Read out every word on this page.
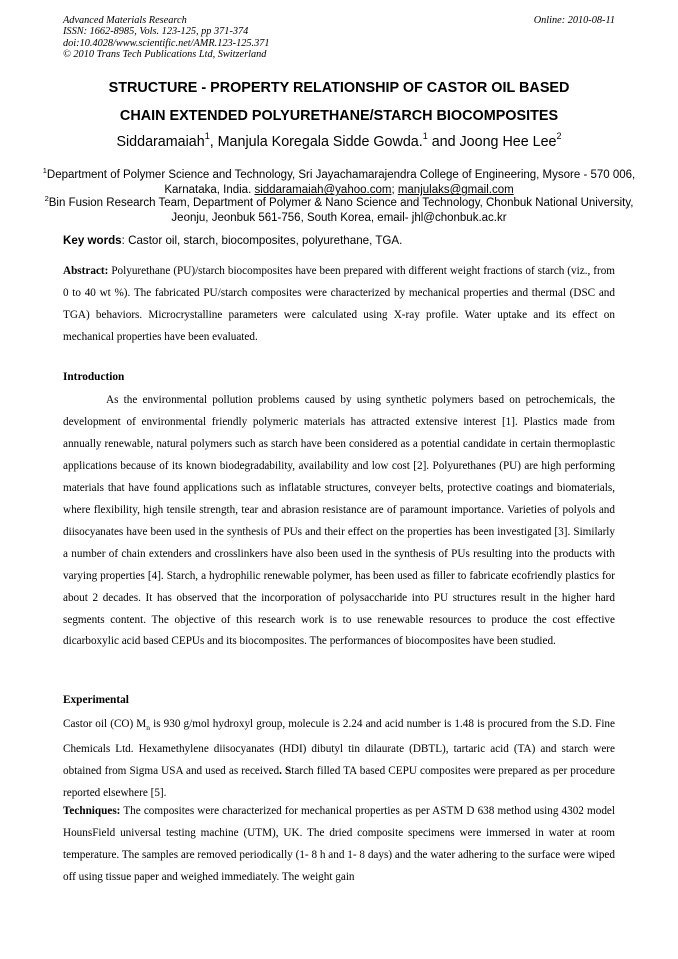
Advanced Materials Research
ISSN: 1662-8985, Vols. 123-125, pp 371-374
doi:10.4028/www.scientific.net/AMR.123-125.371
© 2010 Trans Tech Publications Ltd, Switzerland
Online: 2010-08-11
STRUCTURE - PROPERTY RELATIONSHIP OF CASTOR OIL BASED
CHAIN EXTENDED POLYURETHANE/STARCH BIOCOMPOSITES
Siddaramaiah$^1$, Manjula Koregala Sidde Gowda.$^1$ and Joong Hee Lee$^2$
$^1$Department of Polymer Science and Technology, Sri Jayachamarajendra College of Engineering, Mysore - 570 006, Karnataka, India. siddaramaiah@yahoo.com; manjulaks@gmail.com
$^2$Bin Fusion Research Team, Department of Polymer & Nano Science and Technology, Chonbuk National University, Jeonju, Jeonbuk 561-756, South Korea, email- jhl@chonbuk.ac.kr
Key words: Castor oil, starch, biocomposites, polyurethane, TGA.

Abstract: Polyurethane (PU)/starch biocomposites have been prepared with different weight fractions of starch (viz., from 0 to 40 wt %). The fabricated PU/starch composites were characterized by mechanical properties and thermal (DSC and TGA) behaviors. Microcrystalline parameters were calculated using X-ray profile. Water uptake and its effect on mechanical properties have been evaluated.

Introduction

As the environmental pollution problems caused by using synthetic polymers based on petrochemicals, the development of environmental friendly polymeric materials has attracted extensive interest [1]. Plastics made from annually renewable, natural polymers such as starch have been considered as a potential candidate in certain thermoplastic applications because of its known biodegradability, availability and low cost [2]. Polyurethanes (PU) are high performing materials that have found applications such as inflatable structures, conveyer belts, protective coatings and biomaterials, where flexibility, high tensile strength, tear and abrasion resistance are of paramount importance. Varieties of polyols and diisocyanates have been used in the synthesis of PUs and their effect on the properties has been investigated [3]. Similarly a number of chain extenders and crosslinkers have also been used in the synthesis of PUs resulting into the products with varying properties [4]. Starch, a hydrophilic renewable polymer, has been used as filler to fabricate ecofriendly plastics for about 2 decades. It has observed that the incorporation of polysaccharide into PU structures result in the higher hard segments content. The objective of this research work is to use renewable resources to produce the cost effective dicarboxylic acid based CEPUs and its biocomposites. The performances of biocomposites have been studied.

Experimental

Castor oil (CO) $M_n$ is 930 g/mol hydroxyl group, molecule is 2.24 and acid number is 1.48 is procured from the S.D. Fine Chemicals Ltd. Hexamethylene diisocyanates (HDI) dibutyl tin dilaurate (DBTL), tartaric acid (TA) and starch were obtained from Sigma USA and used as received. Starch filled TA based CEPU composites were prepared as per procedure reported elsewhere [5].

Techniques: The composites were characterized for mechanical properties as per ASTM D 638 method using 4302 model HounsField universal testing machine (UTM), UK. The dried composite specimens were immersed in water at room temperature. The samples are removed periodically (1- 8 h and 1- 8 days) and the water adhering to the surface were wiped off using tissue paper and weighed immediately. The weight gain
